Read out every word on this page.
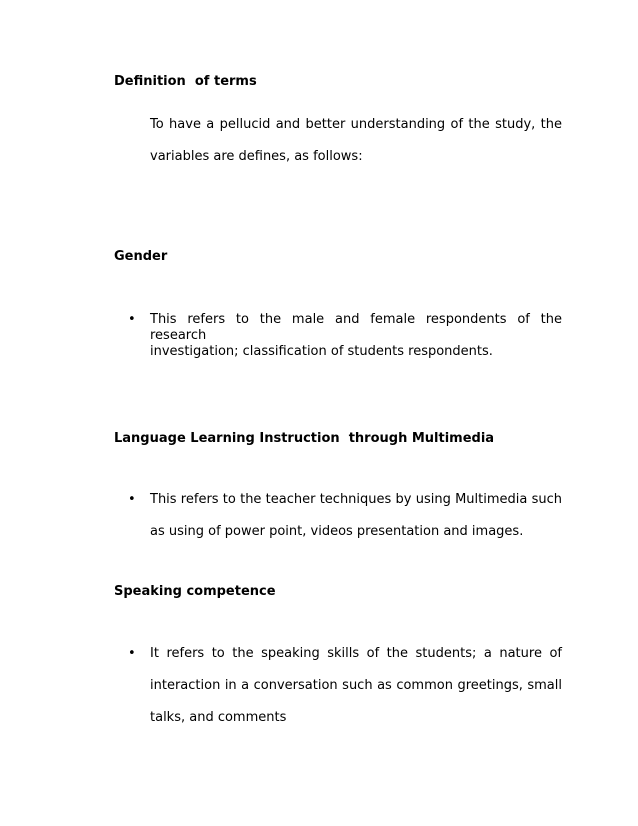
Definition  of terms
To have a pellucid and better understanding of the study, the
variables are defines, as follows:
Gender
• This refers to the male and female respondents of the research
investigation; classification of students respondents.
Language Learning Instruction  through Multimedia
• This refers to the teacher techniques by using Multimedia such
as using of power point, videos presentation and images.
Speaking competence
• It refers to the speaking skills of the students; a nature of
interaction in a conversation such as common greetings, small
talks, and comments
